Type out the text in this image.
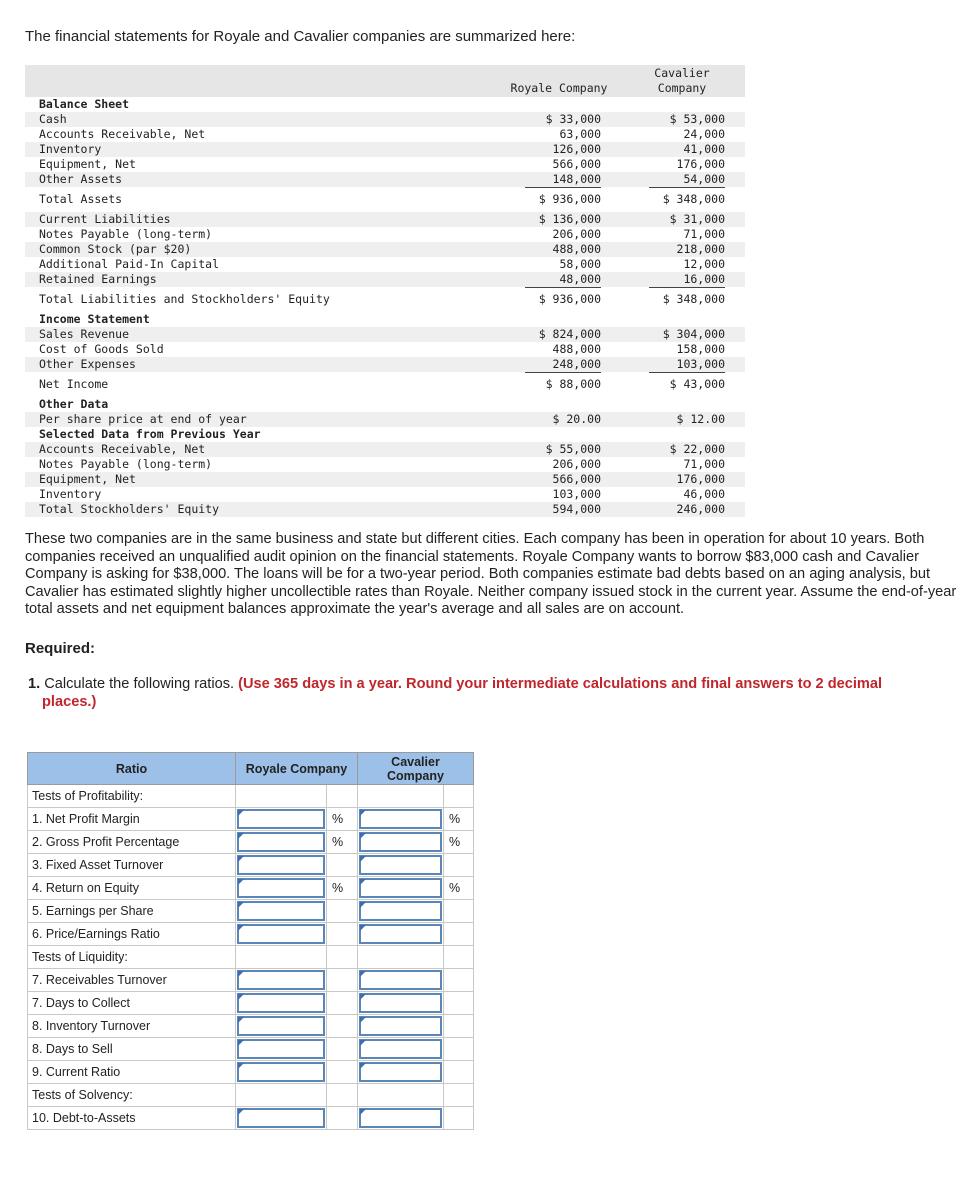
The financial statements for Royale and Cavalier companies are summarized here:
Royale Company
Cavalier
Company
Balance Sheet
Cash	$ 33,000	$ 53,000
Accounts Receivable, Net	63,000	24,000
Inventory	126,000	41,000
Equipment, Net	566,000	176,000
Other Assets	148,000	54,000
Total Assets	$ 936,000	$ 348,000
Current Liabilities	$ 136,000	$ 31,000
Notes Payable (long-term)	206,000	71,000
Common Stock (par $20)	488,000	218,000
Additional Paid-In Capital	58,000	12,000
Retained Earnings	48,000	16,000
Total Liabilities and Stockholders' Equity	$ 936,000	$ 348,000
Income Statement
Sales Revenue	$ 824,000	$ 304,000
Cost of Goods Sold	488,000	158,000
Other Expenses	248,000	103,000
Net Income	$ 88,000	$ 43,000
Other Data
Per share price at end of year	$ 20.00	$ 12.00
Selected Data from Previous Year
Accounts Receivable, Net	$ 55,000	$ 22,000
Notes Payable (long-term)	206,000	71,000
Equipment, Net	566,000	176,000
Inventory	103,000	46,000
Total Stockholders' Equity	594,000	246,000
These two companies are in the same business and state but different cities. Each company has been in operation for about 10 years. Both companies received an unqualified audit opinion on the financial statements. Royale Company wants to borrow $83,000 cash and Cavalier Company is asking for $38,000. The loans will be for a two-year period. Both companies estimate bad debts based on an aging analysis, but Cavalier has estimated slightly higher uncollectible rates than Royale. Neither company issued stock in the current year. Assume the end-of-year total assets and net equipment balances approximate the year's average and all sales are on account.
Required:
1. Calculate the following ratios. (Use 365 days in a year. Round your intermediate calculations and final answers to 2 decimal
places.)
Ratio	Royale Company		Cavalier
Company	

Tests of Profitability:				
1. Net Profit Margin		%		%
2. Gross Profit Percentage		%		%
3. Fixed Asset Turnover	

4. Return on Equity		%		%
5. Earnings per Share	

6. Price/Earnings Ratio	

Tests of Liquidity:				
7. Receivables Turnover	

7. Days to Collect	

8. Inventory Turnover	

8. Days to Sell	

9. Current Ratio	

Tests of Solvency:				
10. Debt-to-Assets	
